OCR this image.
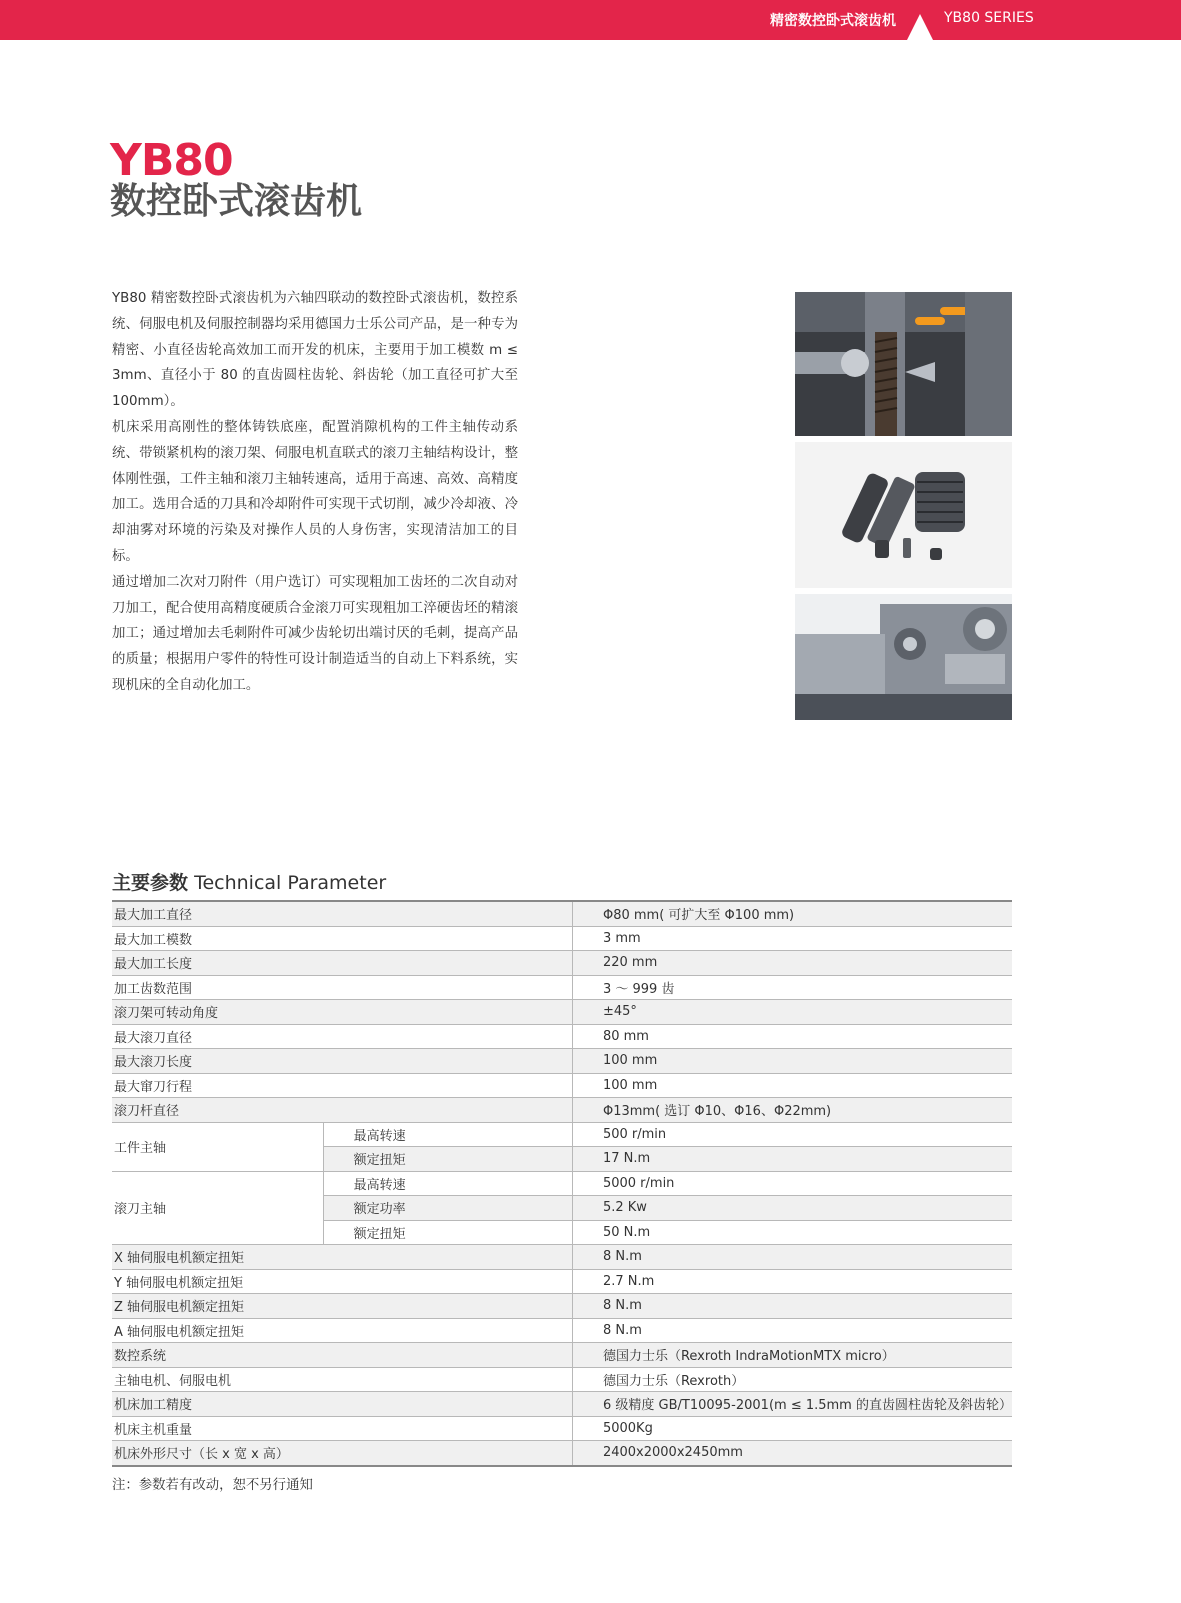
精密数控卧式滚齿机	YB80 SERIES
YB80
数控卧式滚齿机

YB80 精密数控卧式滚齿机为六轴四联动的数控卧式滚齿机，数控系统、伺服电机及伺服控制器均采用德国力士乐公司产品，是一种专为精密、小直径齿轮高效加工而开发的机床，主要用于加工模数 m ≤ 3mm、直径小于 80 的直齿圆柱齿轮、斜齿轮（加工直径可扩大至 100mm）。

机床采用高刚性的整体铸铁底座，配置消隙机构的工件主轴传动系统、带锁紧机构的滚刀架、伺服电机直联式的滚刀主轴结构设计，整体刚性强，工件主轴和滚刀主轴转速高，适用于高速、高效、高精度加工。选用合适的刀具和冷却附件可实现干式切削，减少冷却液、冷却油雾对环境的污染及对操作人员的人身伤害，实现清洁加工的目标。

通过增加二次对刀附件（用户选订）可实现粗加工齿坯的二次自动对刀加工，配合使用高精度硬质合金滚刀可实现粗加工淬硬齿坯的精滚加工；通过增加去毛刺附件可减少齿轮切出端讨厌的毛刺，提高产品的质量；根据用户零件的特性可设计制造适当的自动上下料系统，实现机床的全自动化加工。

主要参数 Technical Parameter
最大加工直径		Φ80 mm( 可扩大至 Φ100 mm)
最大加工模数		3 mm
最大加工长度		220 mm
加工齿数范围		3 ～ 999 齿
滚刀架可转动角度		±45°
最大滚刀直径		80 mm
最大滚刀长度		100 mm
最大窜刀行程		100 mm
滚刀杆直径		Φ13mm( 选订 Φ10、Φ16、Φ22mm)
工件主轴	最高转速	500 r/min
	额定扭矩	17 N.m
滚刀主轴	最高转速	5000 r/min
	额定功率	5.2 Kw
	额定扭矩	50 N.m
X 轴伺服电机额定扭矩		8 N.m
Y 轴伺服电机额定扭矩		2.7 N.m
Z 轴伺服电机额定扭矩		8 N.m
A 轴伺服电机额定扭矩		8 N.m
数控系统		德国力士乐（Rexroth IndraMotionMTX micro）
主轴电机、伺服电机		德国力士乐（Rexroth）
机床加工精度		6 级精度 GB/T10095-2001(m ≤ 1.5mm 的直齿圆柱齿轮及斜齿轮）
机床主机重量		5000Kg
机床外形尺寸（长 x 宽 x 高）		2400x2000x2450mm
注：参数若有改动，恕不另行通知
